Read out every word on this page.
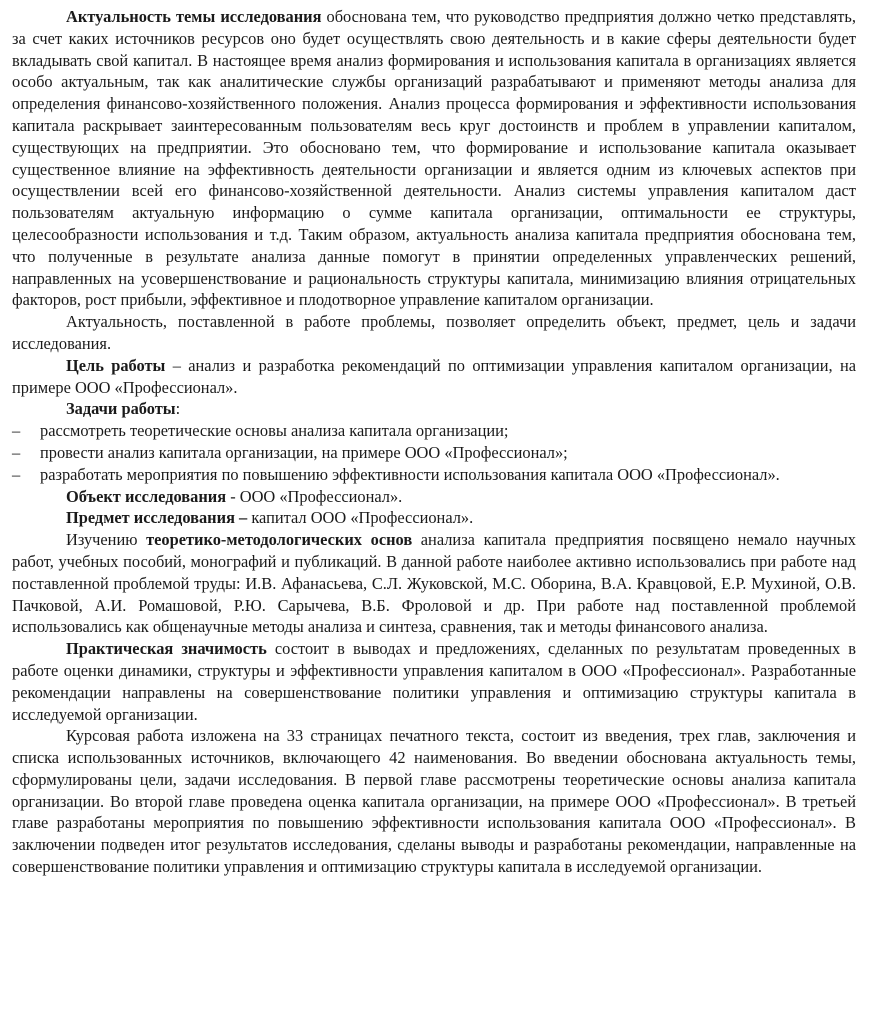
Актуальность темы исследования обоснована тем, что руководство предприятия должно четко представлять, за счет каких источников ресурсов оно будет осуществлять свою деятельность и в какие сферы деятельности будет вкладывать свой капитал. В настоящее время анализ формирования и использования капитала в организациях является особо актуальным, так как аналитические службы организаций разрабатывают и применяют методы анализа для определения финансово-хозяйственного положения. Анализ процесса формирования и эффективности использования капитала раскрывает заинтересованным пользователям весь круг достоинств и проблем в управлении капиталом, существующих на предприятии. Это обосновано тем, что формирование и использование капитала оказывает существенное влияние на эффективность деятельности организации и является одним из ключевых аспектов при осуществлении всей его финансово-хозяйственной деятельности. Анализ системы управления капиталом даст пользователям актуальную информацию о сумме капитала организации, оптимальности ее структуры, целесообразности использования и т.д. Таким образом, актуальность анализа капитала предприятия обоснована тем, что полученные в результате анализа данные помогут в принятии определенных управленческих решений, направленных на усовершенствование и рациональность структуры капитала, минимизацию влияния отрицательных факторов, рост прибыли, эффективное и плодотворное управление капиталом организации.

Актуальность, поставленной в работе проблемы, позволяет определить объект, предмет, цель и задачи исследования.

Цель работы – анализ и разработка рекомендаций по оптимизации управления капиталом организации, на примере ООО «Профессионал».

Задачи работы:

– рассмотреть теоретические основы анализа капитала организации;
– провести анализ капитала организации, на примере ООО «Профессионал»;
– разработать мероприятия по повышению эффективности использования капитала ООО «Профессионал».

Объект исследования - ООО «Профессионал».

Предмет исследования – капитал ООО «Профессионал».

Изучению теоретико-методологических основ анализа капитала предприятия посвящено немало научных работ, учебных пособий, монографий и публикаций. В данной работе наиболее активно использовались при работе над поставленной проблемой труды: И.В. Афанасьева, С.Л. Жуковской, М.С. Оборина, В.А. Кравцовой, Е.Р. Мухиной, О.В. Пачковой, А.И. Ромашовой, Р.Ю. Сарычева, В.Б. Фроловой и др. При работе над поставленной проблемой использовались как общенаучные методы анализа и синтеза, сравнения, так и методы финансового анализа.

Практическая значимость состоит в выводах и предложениях, сделанных по результатам проведенных в работе оценки динамики, структуры и эффективности управления капиталом в ООО «Профессионал». Разработанные рекомендации направлены на совершенствование политики управления и оптимизацию структуры капитала в исследуемой организации.

Курсовая работа изложена на 33 страницах печатного текста, состоит из введения, трех глав, заключения и списка использованных источников, включающего 42 наименования. Во введении обоснована актуальность темы, сформулированы цели, задачи исследования. В первой главе рассмотрены теоретические основы анализа капитала организации. Во второй главе проведена оценка капитала организации, на примере ООО «Профессионал». В третьей главе разработаны мероприятия по повышению эффективности использования капитала ООО «Профессионал». В заключении подведен итог результатов исследования, сделаны выводы и разработаны рекомендации, направленные на совершенствование политики управления и оптимизацию структуры капитала в исследуемой организации.
